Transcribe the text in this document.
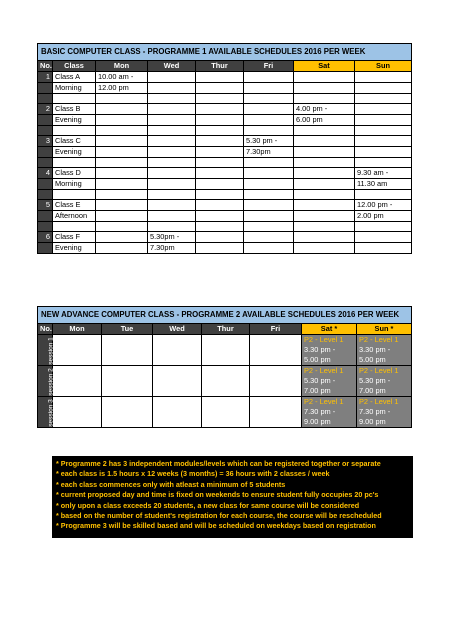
BASIC COMPUTER CLASS - PROGRAMME 1 AVAILABLE SCHEDULES 2016 PER WEEK							
No.	Class	Mon	Wed	Thur	Fri	Sat	Sun
1	Class A	10.00 am -					
	Morning	12.00 pm					

2	Class B					4.00 pm -	
	Evening					6.00 pm	

3	Class C				5.30 pm -		
	Evening				7.30pm		

4	Class D						9.30 am -
	Morning						11.30 am

5	Class E						12.00 pm -
	Afternoon						2.00 pm

6	Class F		5.30pm -				
	Evening		7.30pm				
NEW ADVANCE COMPUTER CLASS - PROGRAMME 2 AVAILABLE SCHEDULES 2016 PER WEEK							
No.	Mon	Tue	Wed	Thur	Fri	Sat *	Sun *
session 1						P2 - Level 1	P2 - Level 1
						3.30 pm -	3.30 pm -
						5.00 pm	5.00 pm
session 2						P2 - Level 1	P2 - Level 1
						5.30 pm -	5.30 pm -
						7.00 pm	7.00 pm
session 3						P2 - Level 1	P2 - Level 1
						7.30 pm -	7.30 pm -
						9.00 pm	9.00 pm
* Programme 2 has 3 independent modules/levels which can be registered together or separate
* each class is 1.5 hours x 12 weeks (3 months) = 36 hours with 2 classes / week
* each class commences only with atleast a minimum of 5 students
* current proposed day and time is fixed on weekends to ensure student fully occupies 20 pc's
* only upon a class exceeds 20 students, a new class for same course will be considered
* based on the number of student's registration for each course, the course will be rescheduled
* Programme 3 will be skilled based and will be scheduled on weekdays based on registration
